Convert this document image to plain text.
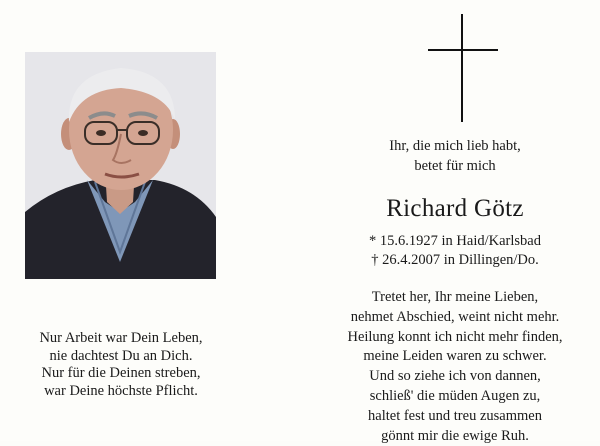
Nur Arbeit war Dein Leben,
nie dachtest Du an Dich.
Nur für die Deinen streben,
war Deine höchste Pflicht.
Ihr, die mich lieb habt,
betet für mich
Richard Götz
* 15.6.1927 in Haid/Karlsbad
† 26.4.2007 in Dillingen/Do.
Tretet her, Ihr meine Lieben,
nehmet Abschied, weint nicht mehr.
Heilung konnt ich nicht mehr finden,
meine Leiden waren zu schwer.
Und so ziehe ich von dannen,
schließ' die müden Augen zu,
haltet fest und treu zusammen
gönnt mir die ewige Ruh.
